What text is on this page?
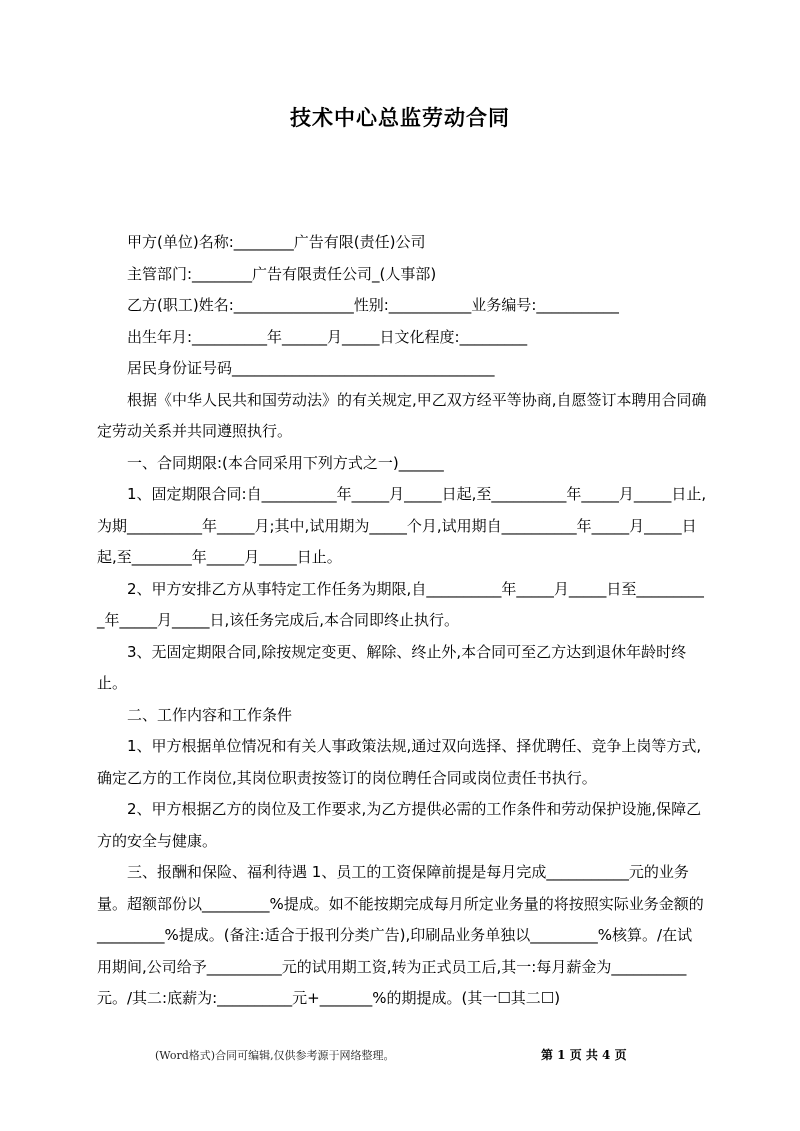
技术中心总监劳动合同

甲方(单位)名称:________广告有限(责任)公司

主管部门:________广告有限责任公司_(人事部)

乙方(职工)姓名:________________性别:___________业务编号:___________

出生年月:__________年______月_____日文化程度:_________

居民身份证号码___________________________________

根据《中华人民共和国劳动法》的有关规定,甲乙双方经平等协商,自愿签订本聘用合同确定劳动关系并共同遵照执行。

一、合同期限:(本合同采用下列方式之一)______

1、固定期限合同:自__________年_____月_____日起,至__________年_____月_____日止,为期__________年_____月;其中,试用期为_____个月,试用期自__________年_____月_____日起,至________年_____月_____日止。

2、甲方安排乙方从事特定工作任务为期限,自__________年_____月_____日至__________年_____月_____日,该任务完成后,本合同即终止执行。

3、无固定期限合同,除按规定变更、解除、终止外,本合同可至乙方达到退休年龄时终止。

二、工作内容和工作条件

1、甲方根据单位情况和有关人事政策法规,通过双向选择、择优聘任、竞争上岗等方式,确定乙方的工作岗位,其岗位职责按签订的岗位聘任合同或岗位责任书执行。

2、甲方根据乙方的岗位及工作要求,为乙方提供必需的工作条件和劳动保护设施,保障乙方的安全与健康。

三、报酬和保险、福利待遇 1、员工的工资保障前提是每月完成___________元的业务量。超额部份以_________%提成。如不能按期完成每月所定业务量的将按照实际业务金额的_________%提成。(备注:适合于报刊分类广告),印刷品业务单独以_________%核算。/在试用期间,公司给予__________元的试用期工资,转为正式员工后,其一:每月薪金为__________元。/其二:底薪为:__________元+_______%的期提成。(其一☐其二☐)

(Word格式)合同可编辑,仅供参考源于网络整理。	第 1 页 共 4 页
